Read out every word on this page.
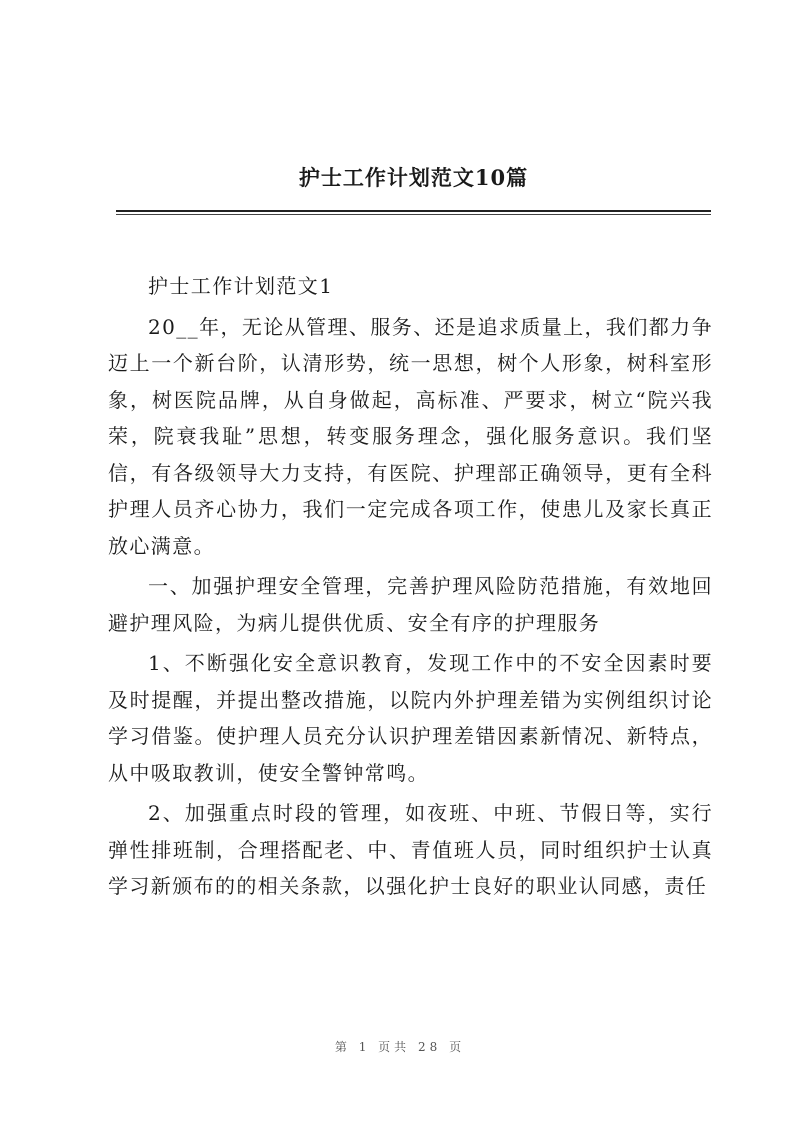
护士工作计划范文10篇

护士工作计划范文1

20__年，无论从管理、服务、还是追求质量上，我们都力争迈上一个新台阶，认清形势，统一思想，树个人形象，树科室形象，树医院品牌，从自身做起，高标准、严要求，树立“院兴我荣，院衰我耻”思想，转变服务理念，强化服务意识。我们坚信，有各级领导大力支持，有医院、护理部正确领导，更有全科护理人员齐心协力，我们一定完成各项工作，使患儿及家长真正放心满意。

一、加强护理安全管理，完善护理风险防范措施，有效地回避护理风险，为病儿提供优质、安全有序的护理服务

1、不断强化安全意识教育，发现工作中的不安全因素时要及时提醒，并提出整改措施，以院内外护理差错为实例组织讨论学习借鉴。使护理人员充分认识护理差错因素新情况、新特点，从中吸取教训，使安全警钟常鸣。

2、加强重点时段的管理，如夜班、中班、节假日等，实行弹性排班制，合理搭配老、中、青值班人员，同时组织护士认真学习新颁布的的相关条款，以强化护士良好的职业认同感，责任

第 1 页共 28 页
